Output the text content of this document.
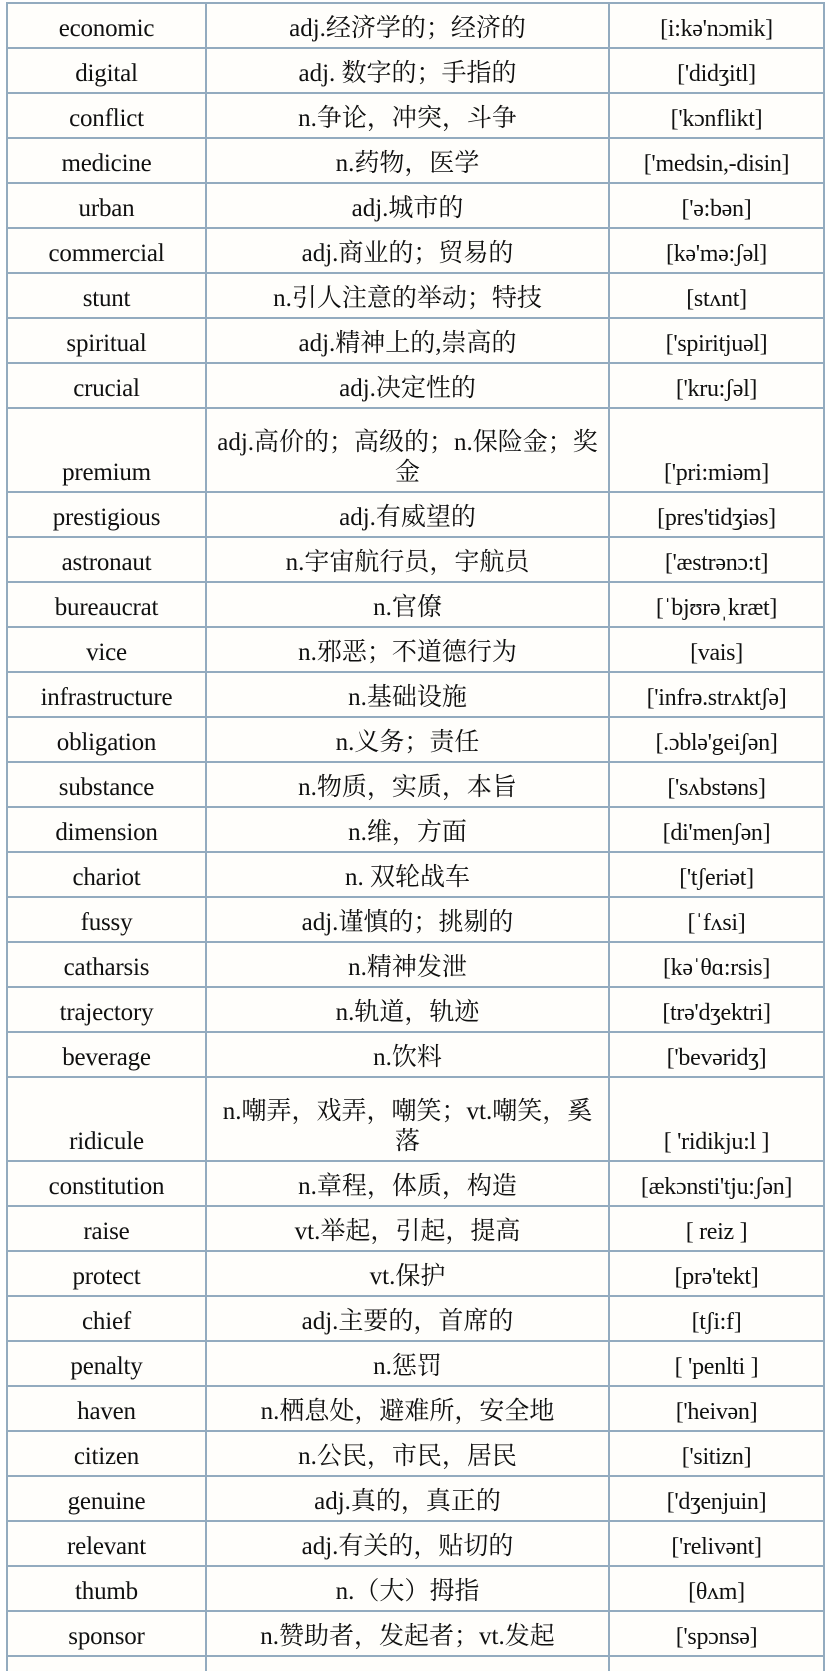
economic	adj.经济学的；经济的	[i:kə'nɔmik]
digital	adj. 数字的；手指的	['didʒitl]
conflict	n.争论，冲突，斗争	['kɔnflikt]
medicine	n.药物，医学	['medsin,-disin]
urban	adj.城市的	['ə:bən]
commercial	adj.商业的；贸易的	[kə'mə:ʃəl]
stunt	n.引人注意的举动；特技	[stʌnt]
spiritual	adj.精神上的,崇高的	['spiritjuəl]
crucial	adj.决定性的	['kru:ʃəl]
premium	adj.高价的；高级的；n.保险金；奖金	['pri:miəm]
prestigious	adj.有威望的	[pres'tidʒiəs]
astronaut	n.宇宙航行员，宇航员	['æstrənɔ:t]
bureaucrat	n.官僚	[ˈbjʊrəˌkræt]
vice	n.邪恶；不道德行为	[vais]
infrastructure	n.基础设施	['infrə.strʌktʃə]
obligation	n.义务；责任	[.ɔblə'geiʃən]
substance	n.物质，实质，本旨	['sʌbstəns]
dimension	n.维，方面	[di'menʃən]
chariot	n. 双轮战车	['tʃeriət]
fussy	adj.谨慎的；挑剔的	[ˈfʌsi]
catharsis	n.精神发泄	[kəˈθɑ:rsis]
trajectory	n.轨道，轨迹	[trə'dʒektri]
beverage	n.饮料	['bevəridʒ]
ridicule	n.嘲弄，戏弄，嘲笑；vt.嘲笑，奚落	[ 'ridikju:l ]
constitution	n.章程，体质，构造	[ækɔnsti'tju:ʃən]
raise	vt.举起，引起，提高	[ reiz ]
protect	vt.保护	[prə'tekt]
chief	adj.主要的，首席的	[tʃi:f]
penalty	n.惩罚	[ 'penlti ]
haven	n.栖息处，避难所，安全地	['heivən]
citizen	n.公民，市民，居民	['sitizn]
genuine	adj.真的，真正的	['dʒenjuin]
relevant	adj.有关的，贴切的	['relivənt]
thumb	n.（大）拇指	[θʌm]
sponsor	n.赞助者，发起者；vt.发起	['spɔnsə]
